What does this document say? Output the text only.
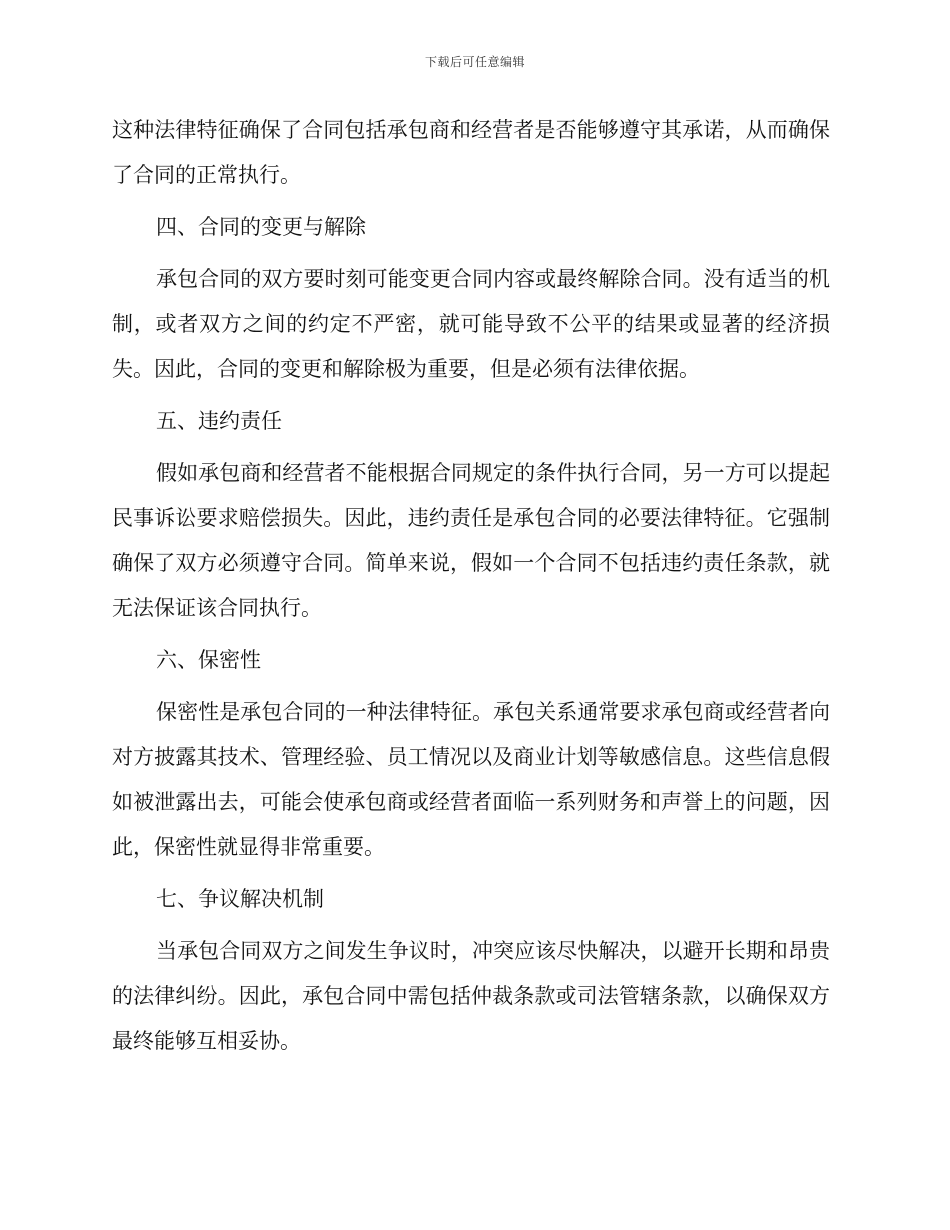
下载后可任意编辑

这种法律特征确保了合同包括承包商和经营者是否能够遵守其承诺，从而确保了合同的正常执行。

四、合同的变更与解除

承包合同的双方要时刻可能变更合同内容或最终解除合同。没有适当的机制，或者双方之间的约定不严密，就可能导致不公平的结果或显著的经济损失。因此，合同的变更和解除极为重要，但是必须有法律依据。

五、违约责任

假如承包商和经营者不能根据合同规定的条件执行合同，另一方可以提起民事诉讼要求赔偿损失。因此，违约责任是承包合同的必要法律特征。它强制确保了双方必须遵守合同。简单来说，假如一个合同不包括违约责任条款，就无法保证该合同执行。

六、保密性

保密性是承包合同的一种法律特征。承包关系通常要求承包商或经营者向对方披露其技术、管理经验、员工情况以及商业计划等敏感信息。这些信息假如被泄露出去，可能会使承包商或经营者面临一系列财务和声誉上的问题，因此，保密性就显得非常重要。

七、争议解决机制

当承包合同双方之间发生争议时，冲突应该尽快解决，以避开长期和昂贵的法律纠纷。因此，承包合同中需包括仲裁条款或司法管辖条款，以确保双方最终能够互相妥协。
